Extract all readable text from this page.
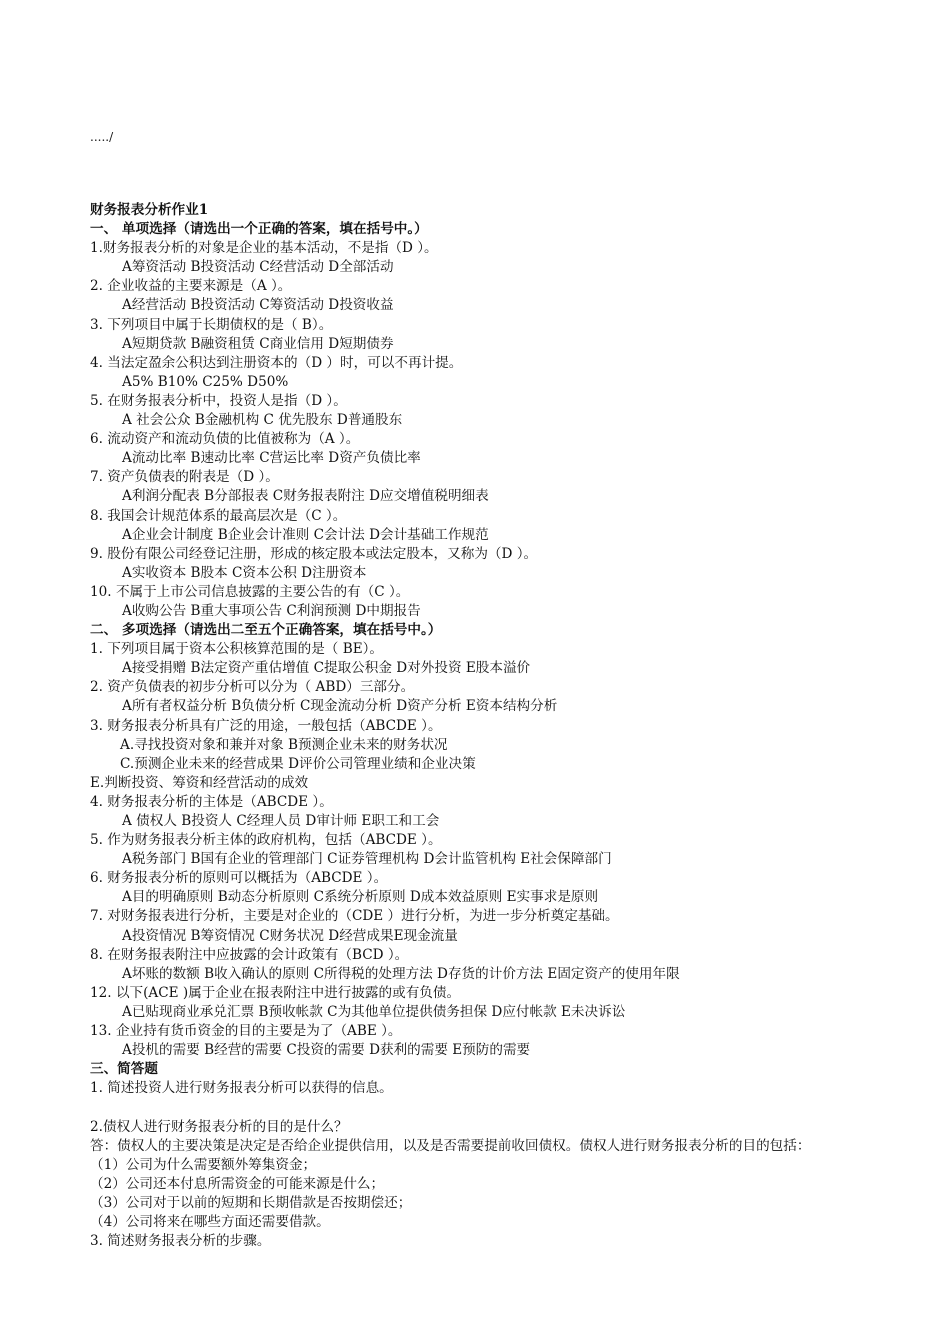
...../
财务报表分析作业1
一、 单项选择（请选出一个正确的答案，填在括号中。）
1.财务报表分析的对象是企业的基本活动，不是指（D ）。
A筹资活动 B投资活动 C经营活动 D全部活动
2. 企业收益的主要来源是（A ）。
A经营活动 B投资活动 C筹资活动 D投资收益
3. 下列项目中属于长期债权的是（ B）。
A短期贷款 B融资租赁 C商业信用 D短期债券
4. 当法定盈余公积达到注册资本的（D ）时，可以不再计提。
A5% B10% C25% D50%
5. 在财务报表分析中，投资人是指（D ）。
A 社会公众 B金融机构 C 优先股东 D普通股东
6. 流动资产和流动负债的比值被称为（A ）。
A流动比率 B速动比率 C营运比率 D资产负债比率
7. 资产负债表的附表是（D ）。
A利润分配表 B分部报表 C财务报表附注 D应交增值税明细表
8. 我国会计规范体系的最高层次是（C ）。
A企业会计制度 B企业会计准则 C会计法 D会计基础工作规范
9. 股份有限公司经登记注册，形成的核定股本或法定股本，又称为（D ）。
A实收资本 B股本 C资本公积 D注册资本
10. 不属于上市公司信息披露的主要公告的有（C ）。
A收购公告 B重大事项公告 C利润预测 D中期报告
二、 多项选择（请选出二至五个正确答案，填在括号中。）
1. 下列项目属于资本公积核算范围的是（ BE）。
A接受捐赠 B法定资产重估增值 C提取公积金 D对外投资 E股本溢价
2. 资产负债表的初步分析可以分为（ ABD）三部分。
A所有者权益分析 B负债分析 C现金流动分析 D资产分析 E资本结构分析
3. 财务报表分析具有广泛的用途，一般包括（ABCDE ）。
A.寻找投资对象和兼并对象 B预测企业未来的财务状况
C.预测企业未来的经营成果 D评价公司管理业绩和企业决策
E.判断投资、筹资和经营活动的成效
4. 财务报表分析的主体是（ABCDE ）。
A 债权人 B投资人 C经理人员 D审计师 E职工和工会
5. 作为财务报表分析主体的政府机构，包括（ABCDE ）。
A税务部门 B国有企业的管理部门 C证券管理机构 D会计监管机构 E社会保障部门
6. 财务报表分析的原则可以概括为（ABCDE ）。
A目的明确原则 B动态分析原则 C系统分析原则 D成本效益原则 E实事求是原则
7. 对财务报表进行分析，主要是对企业的（CDE ）进行分析，为进一步分析奠定基础。
A投资情况 B筹资情况 C财务状况 D经营成果E现金流量
8. 在财务报表附注中应披露的会计政策有（BCD ）。
A坏账的数额 B收入确认的原则 C所得税的处理方法 D存货的计价方法 E固定资产的使用年限
12. 以下(ACE )属于企业在报表附注中进行披露的或有负债。
A已贴现商业承兑汇票 B预收帐款 C为其他单位提供债务担保 D应付帐款 E未决诉讼
13. 企业持有货币资金的目的主要是为了（ABE ）。
A投机的需要 B经营的需要 C投资的需要 D获利的需要 E预防的需要
三、简答题
1. 简述投资人进行财务报表分析可以获得的信息。
2.债权人进行财务报表分析的目的是什么？
答：债权人的主要决策是决定是否给企业提供信用，以及是否需要提前收回债权。债权人进行财务报表分析的目的包括：
（1）公司为什么需要额外筹集资金；
（2）公司还本付息所需资金的可能来源是什么；
（3）公司对于以前的短期和长期借款是否按期偿还；
（4）公司将来在哪些方面还需要借款。
3. 简述财务报表分析的步骤。
